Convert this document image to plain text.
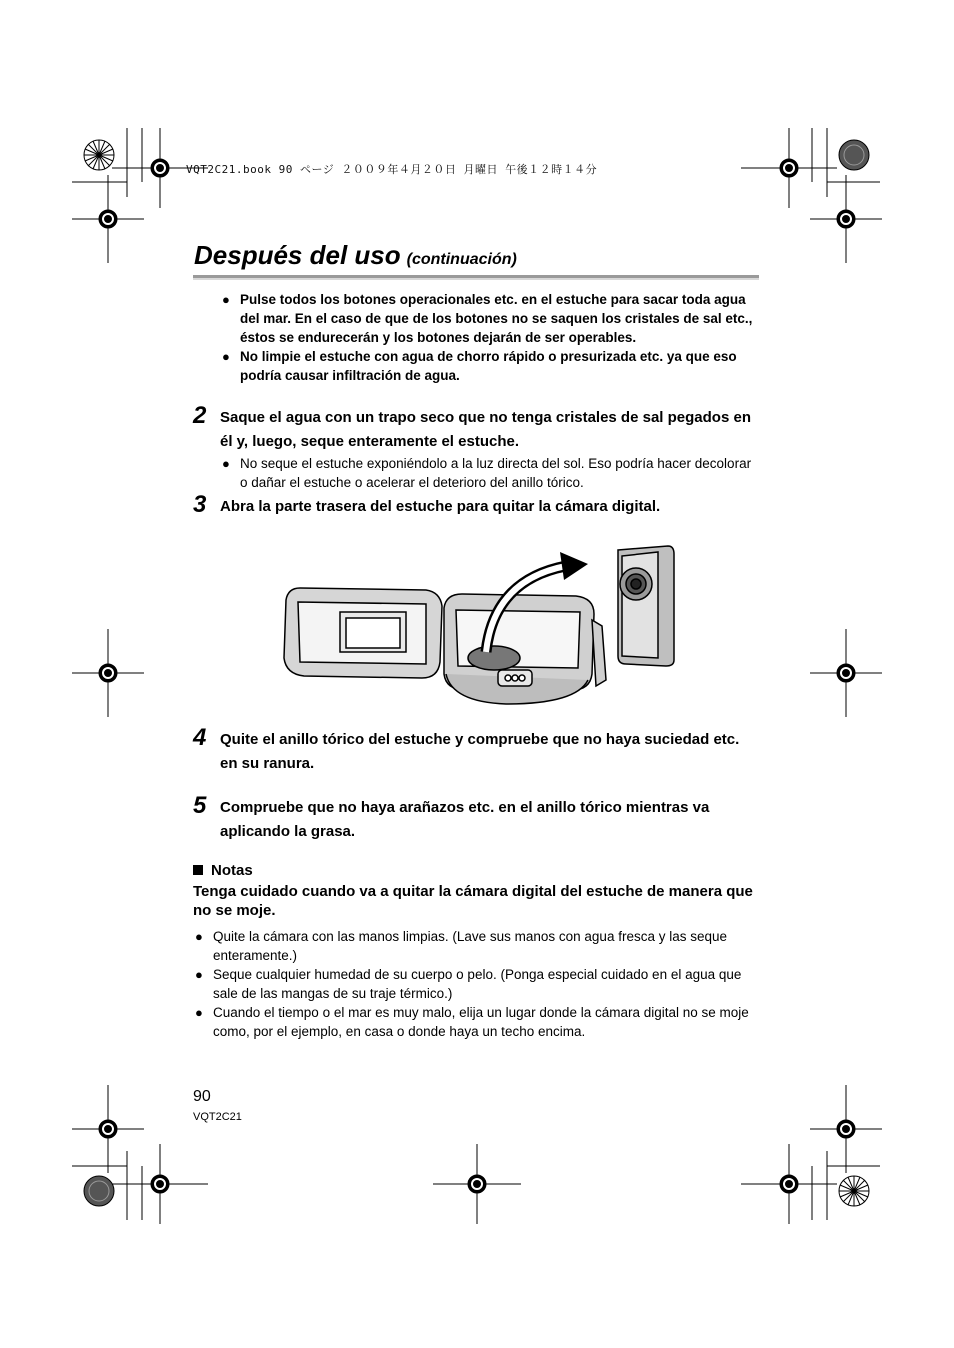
VQT2C21.book 90 ページ ２００９年４月２０日 月曜日 午後１２時１４分
Después del uso (continuación)
● Pulse todos los botones operacionales etc. en el estuche para sacar toda agua del mar. En el caso de que de los botones no se saquen los cristales de sal etc., éstos se endurecerán y los botones dejarán de ser operables.
● No limpie el estuche con agua de chorro rápido o presurizada etc. ya que eso podría causar infiltración de agua.
2 Saque el agua con un trapo seco que no tenga cristales de sal pegados en él y, luego, seque enteramente el estuche.
● No seque el estuche exponiéndolo a la luz directa del sol. Eso podría hacer decolorar o dañar el estuche o acelerar el deterioro del anillo tórico.
3 Abra la parte trasera del estuche para quitar la cámara digital.
4 Quite el anillo tórico del estuche y compruebe que no haya suciedad etc. en su ranura.
5 Compruebe que no haya arañazos etc. en el anillo tórico mientras va aplicando la grasa.
Notas
Tenga cuidado cuando va a quitar la cámara digital del estuche de manera que no se moje.
● Quite la cámara con las manos limpias. (Lave sus manos con agua fresca y las seque enteramente.)
● Seque cualquier humedad de su cuerpo o pelo. (Ponga especial cuidado en el agua que sale de las mangas de su traje térmico.)
● Cuando el tiempo o el mar es muy malo, elija un lugar donde la cámara digital no se moje como, por el ejemplo, en casa o donde haya un techo encima.
90
VQT2C21
